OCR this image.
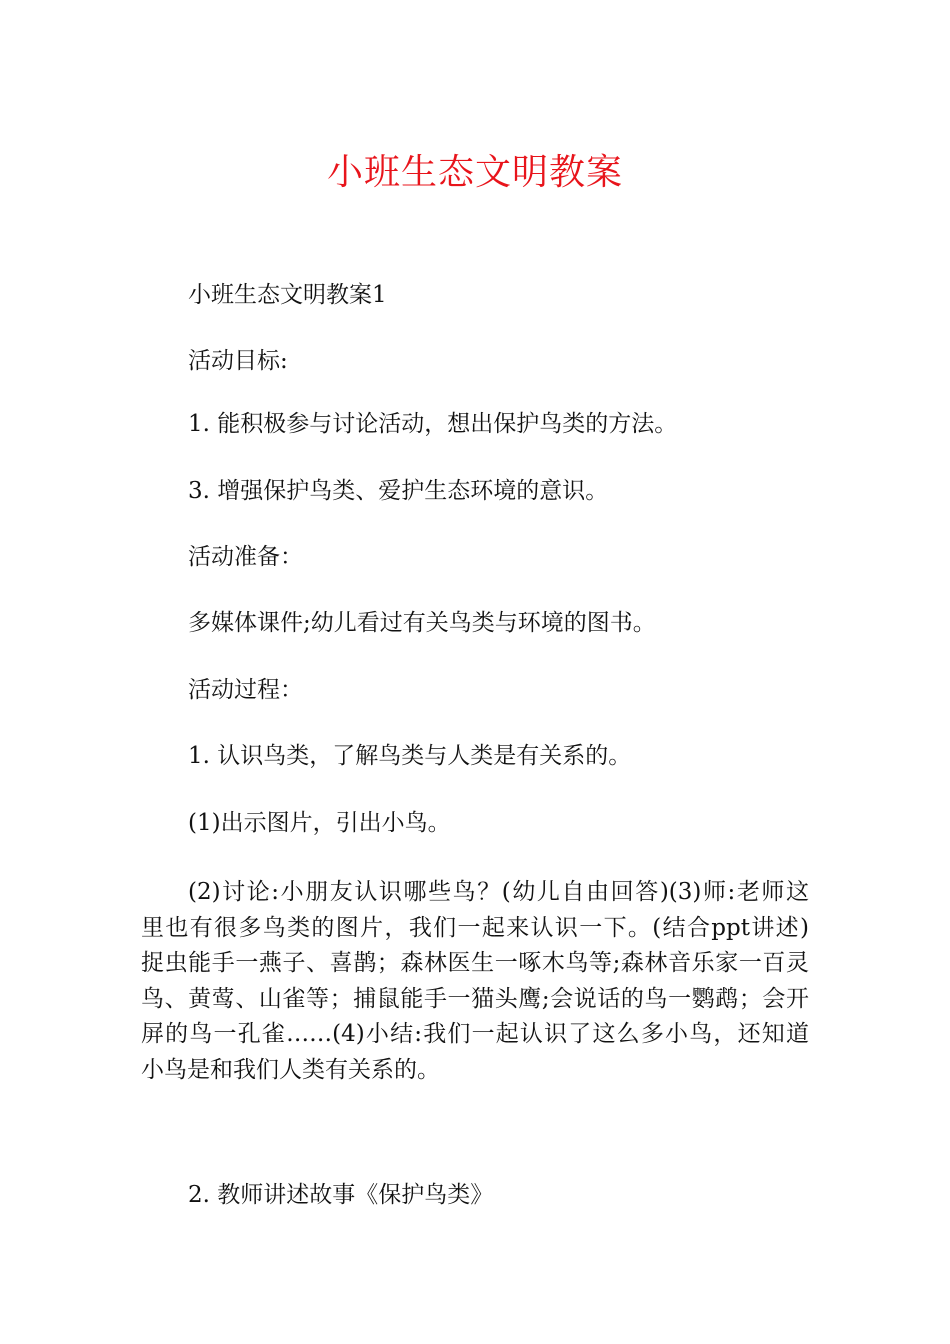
小班生态文明教案
小班生态文明教案1
活动目标:
1. 能积极参与讨论活动，想出保护鸟类的方法。
3. 增强保护鸟类、爱护生态环境的意识。
活动准备：
多媒体课件;幼儿看过有关鸟类与环境的图书。
活动过程：
1. 认识鸟类，了解鸟类与人类是有关系的。
(1)出示图片，引出小鸟。
(2)讨论:小朋友认识哪些鸟？(幼儿自由回答)(3)师:老师这
里也有很多鸟类的图片，我们一起来认识一下。(结合ppt讲述)
捉虫能手一燕子、喜鹊；森林医生一啄木鸟等;森林音乐家一百灵
鸟、黄莺、山雀等；捕鼠能手一猫头鹰;会说话的鸟一鹦鹉；会开
屏的鸟一孔雀……(4)小结:我们一起认识了这么多小鸟，还知道
小鸟是和我们人类有关系的。
2. 教师讲述故事《保护鸟类》
